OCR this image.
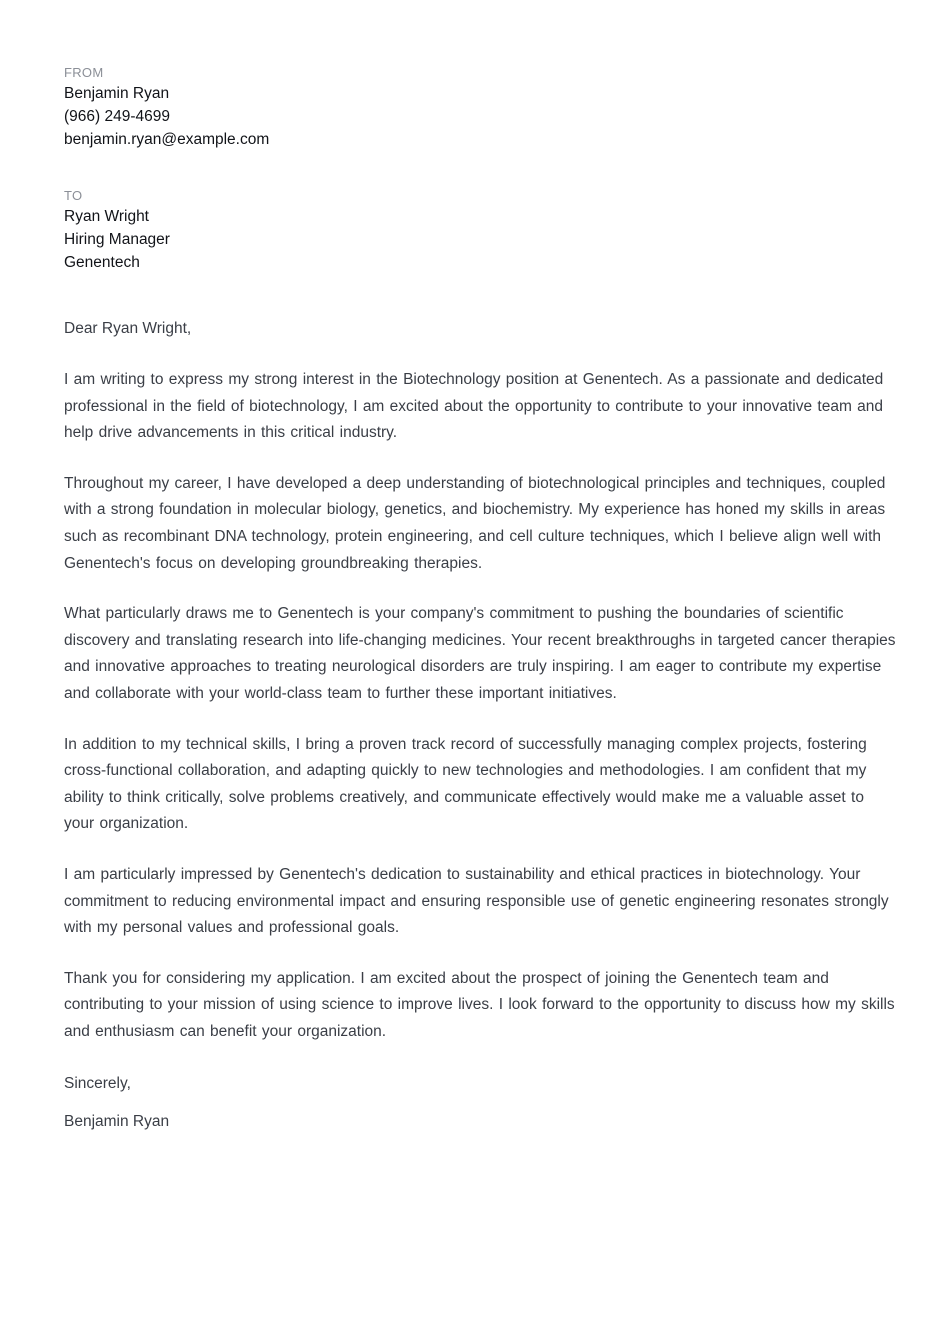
FROM

Benjamin Ryan

(966) 249-4699

benjamin.ryan@example.com

TO

Ryan Wright

Hiring Manager

Genentech

Dear Ryan Wright,

I am writing to express my strong interest in the Biotechnology position at Genentech. As a passionate and dedicated professional in the field of biotechnology, I am excited about the opportunity to contribute to your innovative team and help drive advancements in this critical industry.

Throughout my career, I have developed a deep understanding of biotechnological principles and techniques, coupled with a strong foundation in molecular biology, genetics, and biochemistry. My experience has honed my skills in areas such as recombinant DNA technology, protein engineering, and cell culture techniques, which I believe align well with Genentech's focus on developing groundbreaking therapies.

What particularly draws me to Genentech is your company's commitment to pushing the boundaries of scientific discovery and translating research into life-changing medicines. Your recent breakthroughs in targeted cancer therapies and innovative approaches to treating neurological disorders are truly inspiring. I am eager to contribute my expertise and collaborate with your world-class team to further these important initiatives.

In addition to my technical skills, I bring a proven track record of successfully managing complex projects, fostering cross-functional collaboration, and adapting quickly to new technologies and methodologies. I am confident that my ability to think critically, solve problems creatively, and communicate effectively would make me a valuable asset to your organization.

I am particularly impressed by Genentech's dedication to sustainability and ethical practices in biotechnology. Your commitment to reducing environmental impact and ensuring responsible use of genetic engineering resonates strongly with my personal values and professional goals.

Thank you for considering my application. I am excited about the prospect of joining the Genentech team and contributing to your mission of using science to improve lives. I look forward to the opportunity to discuss how my skills and enthusiasm can benefit your organization.

Sincerely,
Benjamin Ryan
